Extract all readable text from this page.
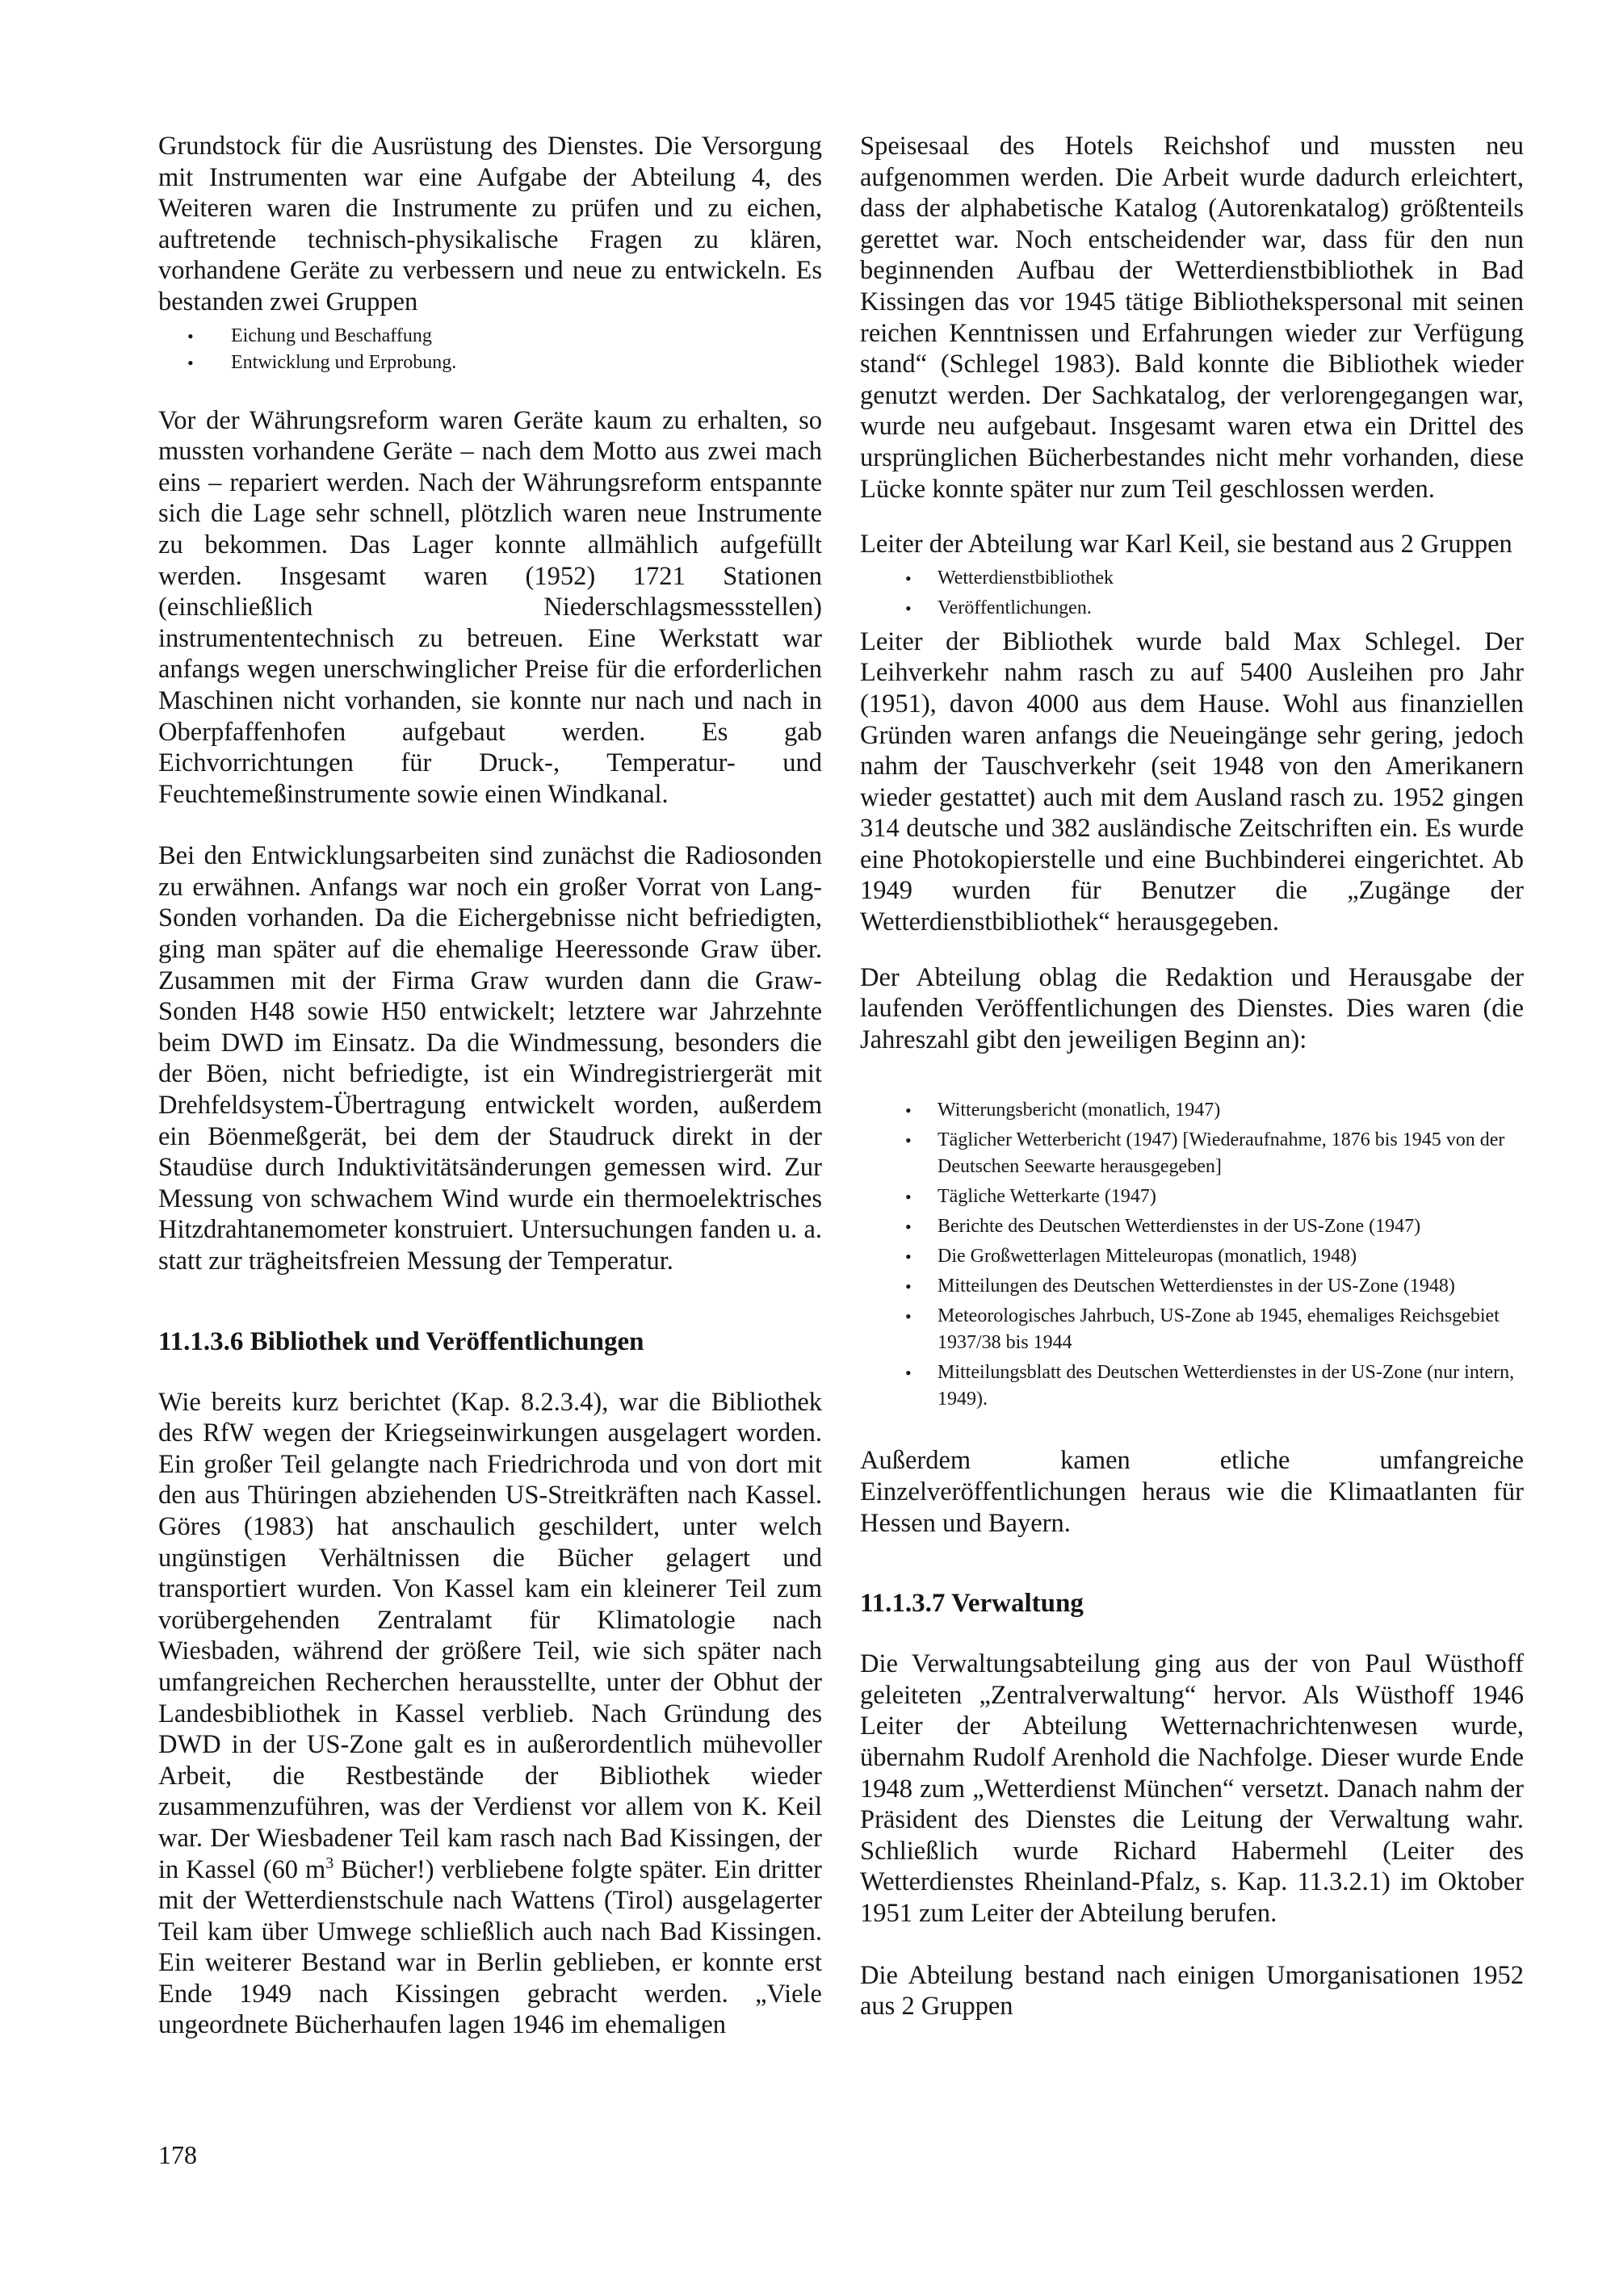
Grundstock für die Ausrüstung des Dienstes. Die Versorgung mit Instrumenten war eine Aufgabe der Abteilung 4, des Weiteren waren die Instrumente zu prüfen und zu eichen, auftretende technisch-physikalische Fragen zu klären, vorhandene Geräte zu verbessern und neue zu entwickeln. Es bestanden zwei Gruppen

• Eichung und Beschaffung
• Entwicklung und Erprobung.

Vor der Währungsreform waren Geräte kaum zu erhalten, so mussten vorhandene Geräte – nach dem Motto aus zwei mach eins – repariert werden. Nach der Währungsreform entspannte sich die Lage sehr schnell, plötzlich waren neue Instrumente zu bekommen. Das Lager konnte allmählich aufgefüllt werden. Insgesamt waren (1952) 1721 Stationen (einschließlich Niederschlagsmessstellen) instrumententechnisch zu betreuen. Eine Werkstatt war anfangs wegen unerschwinglicher Preise für die erforderlichen Maschinen nicht vorhanden, sie konnte nur nach und nach in Oberpfaffenhofen aufgebaut werden. Es gab Eichvorrichtungen für Druck-, Temperatur- und Feuchtemeßinstrumente sowie einen Windkanal.

Bei den Entwicklungsarbeiten sind zunächst die Radiosonden zu erwähnen. Anfangs war noch ein großer Vorrat von Lang-Sonden vorhanden. Da die Eichergebnisse nicht befriedigten, ging man später auf die ehemalige Heeressonde Graw über. Zusammen mit der Firma Graw wurden dann die Graw-Sonden H48 sowie H50 entwickelt; letztere war Jahrzehnte beim DWD im Einsatz. Da die Windmessung, besonders die der Böen, nicht befriedigte, ist ein Windregistriergerät mit Drehfeldsystem-Übertragung entwickelt worden, außerdem ein Böenmeßgerät, bei dem der Staudruck direkt in der Staudüse durch Induktivitätsänderungen gemessen wird. Zur Messung von schwachem Wind wurde ein thermoelektrisches Hitzdrahtanemometer konstruiert. Untersuchungen fanden u. a. statt zur trägheitsfreien Messung der Temperatur.

11.1.3.6 Bibliothek und Veröffentlichungen

Wie bereits kurz berichtet (Kap. 8.2.3.4), war die Bibliothek des RfW wegen der Kriegseinwirkungen ausgelagert worden. Ein großer Teil gelangte nach Friedrichroda und von dort mit den aus Thüringen abziehenden US-Streitkräften nach Kassel. Göres (1983) hat anschaulich geschildert, unter welch ungünstigen Verhältnissen die Bücher gelagert und transportiert wurden. Von Kassel kam ein kleinerer Teil zum vorübergehenden Zentralamt für Klimatologie nach Wiesbaden, während der größere Teil, wie sich später nach umfangreichen Recherchen herausstellte, unter der Obhut der Landesbibliothek in Kassel verblieb. Nach Gründung des DWD in der US-Zone galt es in außerordentlich mühevoller Arbeit, die Restbestände der Bibliothek wieder zusammenzuführen, was der Verdienst vor allem von K. Keil war. Der Wiesbadener Teil kam rasch nach Bad Kissingen, der in Kassel (60 $m^3$ Bücher!) verbliebene folgte später. Ein dritter mit der Wetterdienstschule nach Wattens (Tirol) ausgelagerter Teil kam über Umwege schließlich auch nach Bad Kissingen. Ein weiterer Bestand war in Berlin geblieben, er konnte erst Ende 1949 nach Kissingen gebracht werden. „Viele ungeordnete Bücherhaufen lagen 1946 im ehemaligen

Speisesaal des Hotels Reichshof und mussten neu aufgenommen werden. Die Arbeit wurde dadurch erleichtert, dass der alphabetische Katalog (Autorenkatalog) größtenteils gerettet war. Noch entscheidender war, dass für den nun beginnenden Aufbau der Wetterdienstbibliothek in Bad Kissingen das vor 1945 tätige Bibliothekspersonal mit seinen reichen Kenntnissen und Erfahrungen wieder zur Verfügung stand“ (Schlegel 1983). Bald konnte die Bibliothek wieder genutzt werden. Der Sachkatalog, der verlorengegangen war, wurde neu aufgebaut. Insgesamt waren etwa ein Drittel des ursprünglichen Bücherbestandes nicht mehr vorhanden, diese Lücke konnte später nur zum Teil geschlossen werden.

Leiter der Abteilung war Karl Keil, sie bestand aus 2 Gruppen

• Wetterdienstbibliothek
• Veröffentlichungen.

Leiter der Bibliothek wurde bald Max Schlegel. Der Leihverkehr nahm rasch zu auf 5400 Ausleihen pro Jahr (1951), davon 4000 aus dem Hause. Wohl aus finanziellen Gründen waren anfangs die Neueingänge sehr gering, jedoch nahm der Tauschverkehr (seit 1948 von den Amerikanern wieder gestattet) auch mit dem Ausland rasch zu. 1952 gingen 314 deutsche und 382 ausländische Zeitschriften ein. Es wurde eine Photokopierstelle und eine Buchbinderei eingerichtet. Ab 1949 wurden für Benutzer die „Zugänge der Wetterdienstbibliothek“ herausgegeben.

Der Abteilung oblag die Redaktion und Herausgabe der laufenden Veröffentlichungen des Dienstes. Dies waren (die Jahreszahl gibt den jeweiligen Beginn an):

• Witterungsbericht (monatlich, 1947)
• Täglicher Wetterbericht (1947) [Wiederaufnahme, 1876 bis 1945 von der Deutschen Seewarte herausgegeben]
• Tägliche Wetterkarte (1947)
• Berichte des Deutschen Wetterdienstes in der US-Zone (1947)
• Die Großwetterlagen Mitteleuropas (monatlich, 1948)
• Mitteilungen des Deutschen Wetterdienstes in der US-Zone (1948)
• Meteorologisches Jahrbuch, US-Zone ab 1945, ehemaliges Reichsgebiet 1937/38 bis 1944
• Mitteilungsblatt des Deutschen Wetterdienstes in der US-Zone (nur intern, 1949).

Außerdem kamen etliche umfangreiche Einzelveröffentlichungen heraus wie die Klimaatlanten für Hessen und Bayern.

11.1.3.7 Verwaltung

Die Verwaltungsabteilung ging aus der von Paul Wüsthoff geleiteten „Zentralverwaltung“ hervor. Als Wüsthoff 1946 Leiter der Abteilung Wetternachrichtenwesen wurde, übernahm Rudolf Arenhold die Nachfolge. Dieser wurde Ende 1948 zum „Wetterdienst München“ versetzt. Danach nahm der Präsident des Dienstes die Leitung der Verwaltung wahr. Schließlich wurde Richard Habermehl (Leiter des Wetterdienstes Rheinland-Pfalz, s. Kap. 11.3.2.1) im Oktober 1951 zum Leiter der Abteilung berufen.

Die Abteilung bestand nach einigen Umorganisationen 1952 aus 2 Gruppen

178
